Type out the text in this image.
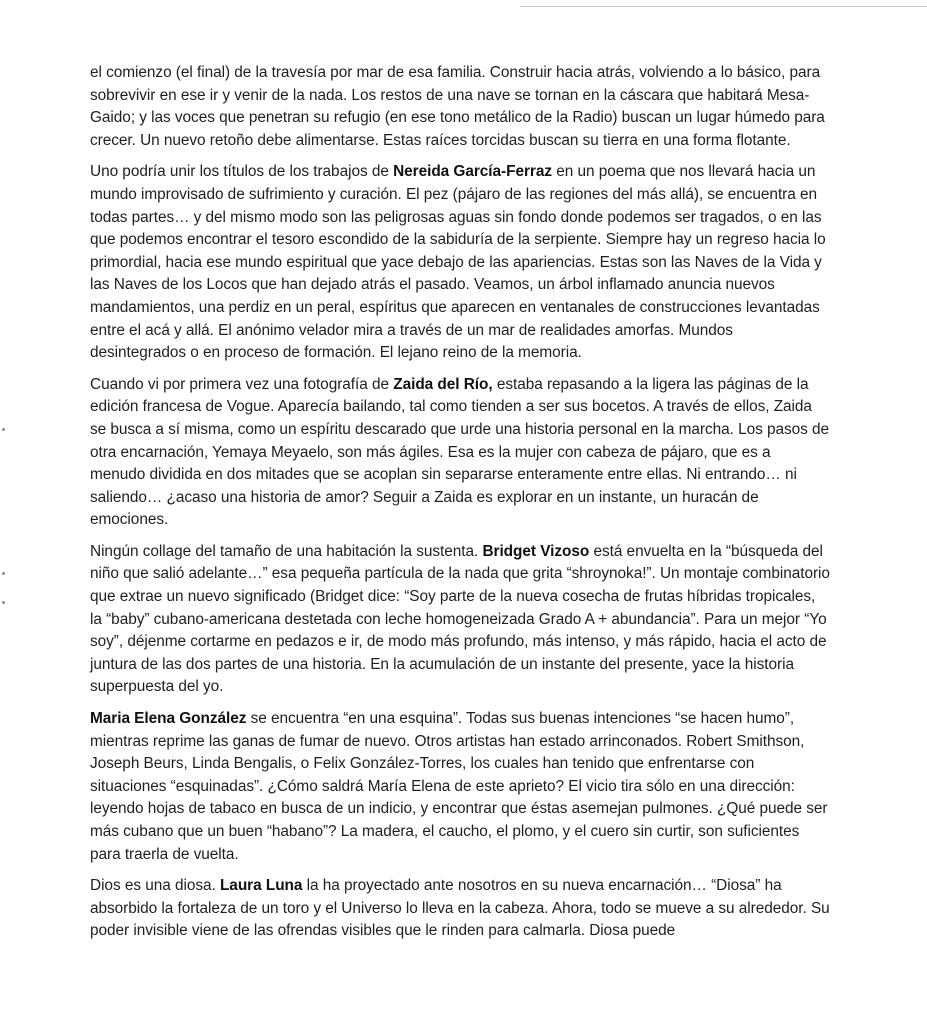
el comienzo (el final) de la travesía por mar de esa familia. Construir hacia atrás, volviendo a lo básico, para sobrevivir en ese ir y venir de la nada. Los restos de una nave se tornan en la cáscara que habitará Mesa-Gaido; y las voces que penetran su refugio (en ese tono metálico de la Radio) buscan un lugar húmedo para crecer. Un nuevo retoño debe alimentarse. Estas raíces torcidas buscan su tierra en una forma flotante.

Uno podría unir los títulos de los trabajos de Nereida García-Ferraz en un poema que nos llevará hacia un mundo improvisado de sufrimiento y curación. El pez (pájaro de las regiones del más allá), se encuentra en todas partes… y del mismo modo son las peligrosas aguas sin fondo donde podemos ser tragados, o en las que podemos encontrar el tesoro escondido de la sabiduría de la serpiente. Siempre hay un regreso hacia lo primordial, hacia ese mundo espiritual que yace debajo de las apariencias. Estas son las Naves de la Vida y las Naves de los Locos que han dejado atrás el pasado. Veamos, un árbol inflamado anuncia nuevos mandamientos, una perdiz en un peral, espíritus que aparecen en ventanales de construcciones levantadas entre el acá y allá. El anónimo velador mira a través de un mar de realidades amorfas. Mundos desintegrados o en proceso de formación. El lejano reino de la memoria.

Cuando vi por primera vez una fotografía de Zaida del Río, estaba repasando a la ligera las páginas de la edición francesa de Vogue. Aparecía bailando, tal como tienden a ser sus bocetos. A través de ellos, Zaida se busca a sí misma, como un espíritu descarado que urde una historia personal en la marcha. Los pasos de otra encarnación, Yemaya Meyaelo, son más ágiles. Esa es la mujer con cabeza de pájaro, que es a menudo dividida en dos mitades que se acoplan sin separarse enteramente entre ellas. Ni entrando… ni saliendo… ¿acaso una historia de amor? Seguir a Zaida es explorar en un instante, un huracán de emociones.

Ningún collage del tamaño de una habitación la sustenta. Bridget Vizoso está envuelta en la “búsqueda del niño que salió adelante…” esa pequeña partícula de la nada que grita “shroynoka!”. Un montaje combinatorio que extrae un nuevo significado (Bridget dice: “Soy parte de la nueva cosecha de frutas híbridas tropicales, la “baby” cubano-americana destetada con leche homogeneizada Grado A + abundancia”. Para un mejor “Yo soy”, déjenme cortarme en pedazos e ir, de modo más profundo, más intenso, y más rápido, hacia el acto de juntura de las dos partes de una historia. En la acumulación de un instante del presente, yace la historia superpuesta del yo.

Maria Elena González se encuentra “en una esquina”. Todas sus buenas intenciones “se hacen humo”, mientras reprime las ganas de fumar de nuevo. Otros artistas han estado arrinconados. Robert Smithson, Joseph Beurs, Linda Bengalis, o Felix González-Torres, los cuales han tenido que enfrentarse con situaciones “esquinadas”. ¿Cómo saldrá María Elena de este aprieto? El vicio tira sólo en una dirección: leyendo hojas de tabaco en busca de un indicio, y encontrar que éstas asemejan pulmones. ¿Qué puede ser más cubano que un buen “habano”? La madera, el caucho, el plomo, y el cuero sin curtir, son suficientes para traerla de vuelta.

Dios es una diosa. Laura Luna la ha proyectado ante nosotros en su nueva encarnación… “Diosa” ha absorbido la fortaleza de un toro y el Universo lo lleva en la cabeza. Ahora, todo se mueve a su alrededor. Su poder invisible viene de las ofrendas visibles que le rinden para calmarla. Diosa puede
